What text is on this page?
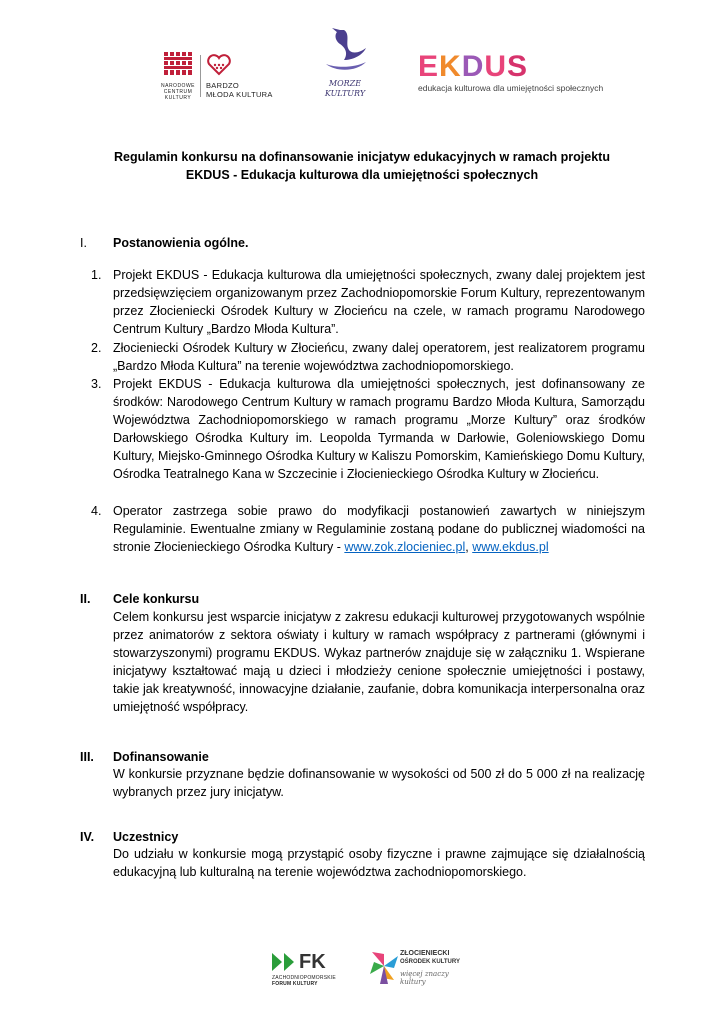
NARODOWE
CENTRUM
KULTURY
BARDZO
MŁODA KULTURA
MORZE
KULTURY
EKDUS
edukacja kulturowa dla umiejętności społecznych
Regulamin konkursu na dofinansowanie inicjatyw edukacyjnych w ramach projektu
EKDUS - Edukacja kulturowa dla umiejętności społecznych
I. Postanowienia ogólne.
1. Projekt EKDUS - Edukacja kulturowa dla umiejętności społecznych, zwany dalej projektem jest przedsięwzięciem organizowanym przez Zachodniopomorskie Forum Kultury, reprezentowanym przez Złocieniecki Ośrodek Kultury w Złocieńcu na czele, w ramach programu Narodowego Centrum Kultury „Bardzo Młoda Kultura”.
2. Złocieniecki Ośrodek Kultury w Złocieńcu, zwany dalej operatorem, jest realizatorem programu „Bardzo Młoda Kultura” na terenie województwa zachodniopomorskiego.
3. Projekt EKDUS - Edukacja kulturowa dla umiejętności społecznych, jest dofinansowany ze środków: Narodowego Centrum Kultury w ramach programu Bardzo Młoda Kultura, Samorządu Województwa Zachodniopomorskiego w ramach programu „Morze Kultury” oraz środków Darłowskiego Ośrodka Kultury im. Leopolda Tyrmanda w Darłowie, Goleniowskiego Domu Kultury, Miejsko-Gminnego Ośrodka Kultury w Kaliszu Pomorskim, Kamieńskiego Domu Kultury, Ośrodka Teatralnego Kana w Szczecinie i Złocienieckiego Ośrodka Kultury w Złocieńcu.
4. Operator zastrzega sobie prawo do modyfikacji postanowień zawartych w niniejszym Regulaminie. Ewentualne zmiany w Regulaminie zostaną podane do publicznej wiadomości na stronie Złocienieckiego Ośrodka Kultury - www.zok.zlocieniec.pl, www.ekdus.pl
II. Cele konkursu
Celem konkursu jest wsparcie inicjatyw z zakresu edukacji kulturowej przygotowanych wspólnie przez animatorów z sektora oświaty i kultury w ramach współpracy z partnerami (głównymi i stowarzyszonymi) programu EKDUS. Wykaz partnerów znajduje się w załączniku 1. Wspierane inicjatywy kształtować mają u dzieci i młodzieży cenione społecznie umiejętności i postawy, takie jak kreatywność, innowacyjne działanie, zaufanie, dobra komunikacja interpersonalna oraz umiejętność współpracy.
III. Dofinansowanie
W konkursie przyznane będzie dofinansowanie w wysokości od 500 zł do 5 000 zł na realizację wybranych przez jury inicjatyw.
IV. Uczestnicy
Do udziału w konkursie mogą przystąpić osoby fizyczne i prawne zajmujące się działalnością edukacyjną lub kulturalną na terenie województwa zachodniopomorskiego.
FK
ZACHODNIOPOMORSKIE
FORUM KULTURY
ZŁOCIENIECKI
OŚRODEK KULTURY
więcej znaczy kultury
